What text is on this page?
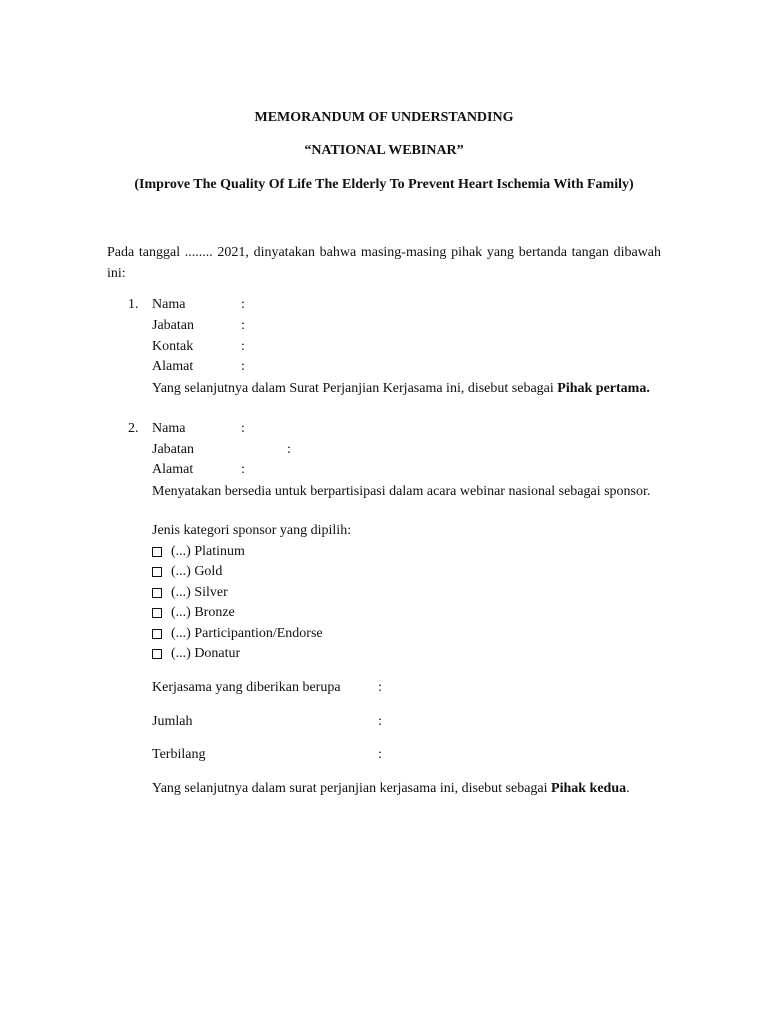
MEMORANDUM OF UNDERSTANDING
“NATIONAL WEBINAR”
(Improve The Quality Of Life The Elderly To Prevent Heart Ischemia With Family)
Pada tanggal ........ 2021, dinyatakan bahwa masing-masing pihak yang bertanda tangan dibawah ini:
1. Nama	:
Jabatan	:
Kontak	:
Alamat	:
Yang selanjutnya dalam Surat Perjanjian Kerjasama ini, disebut sebagai Pihak pertama.
2. Nama	:
Jabatan	:
Alamat	:
Menyatakan bersedia untuk berpartisipasi dalam acara webinar nasional sebagai sponsor.
Jenis kategori sponsor yang dipilih:
(...) Platinum
(...) Gold
(...) Silver
(...) Bronze
(...) Participantion/Endorse
(...) Donatur
Kerjasama yang diberikan berupa	:
Jumlah	:
Terbilang	:
Yang selanjutnya dalam surat perjanjian kerjasama ini, disebut sebagai Pihak kedua.
